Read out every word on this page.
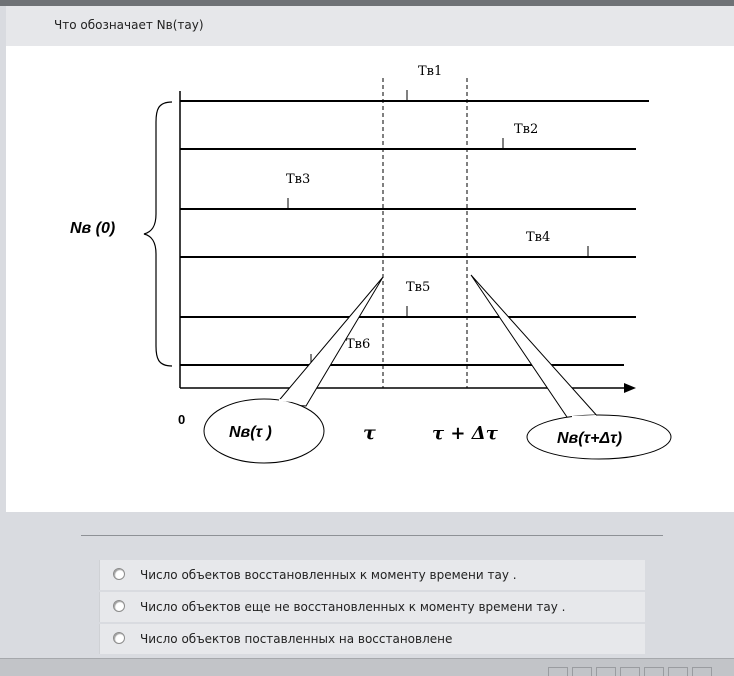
Что обозначает Nв(тау)
Тв1
Тв2
Тв3
Тв4
Тв5
Тв6
Nв (0)
0
τ	τ + Δτ
Nв(τ )	Nв(τ+Δτ)
Число объектов восстановленных к моменту времени тау .
Число объектов еще не восстановленных к моменту времени тау .
Число объектов поставленных на восстановлене
